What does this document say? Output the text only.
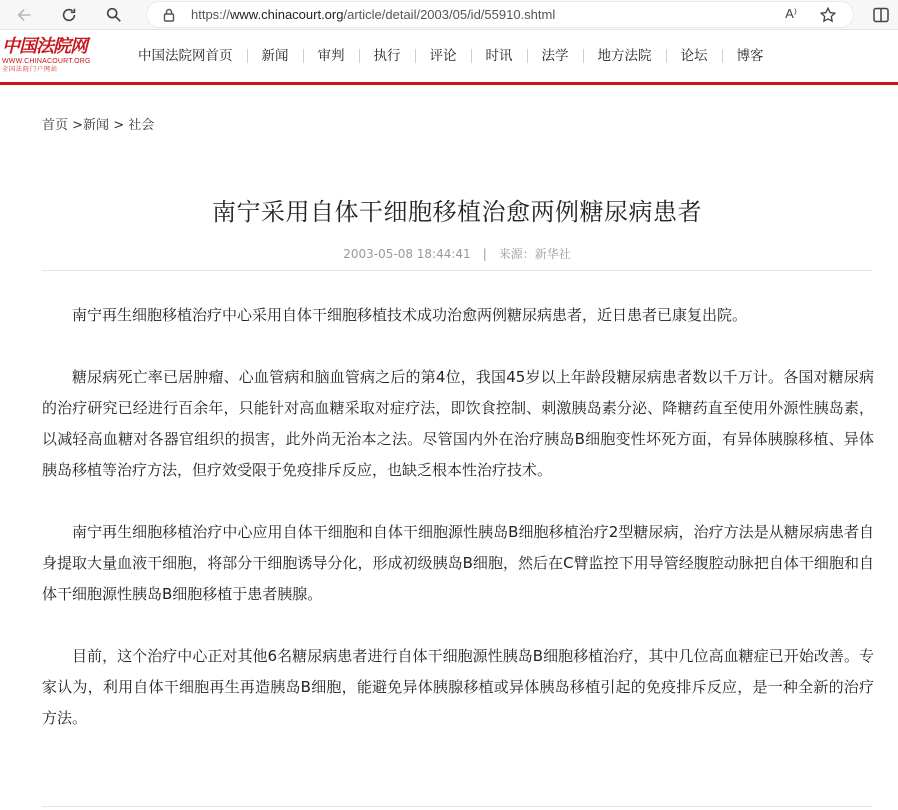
https://www.chinacourt.org/article/detail/2003/05/id/55910.shtml	A⁾
中国法院网
WWW.CHINACOURT.ORG
全国法院门户网站
中国法院网首页	新闻	审判	执行	评论	时讯	法学	地方法院	论坛	博客
首页 >新闻 > 社会
南宁采用自体干细胞移植治愈两例糖尿病患者
2003-05-08 18:44:41 | 来源：新华社

南宁再生细胞移植治疗中心采用自体干细胞移植技术成功治愈两例糖尿病患者，近日患者已康复出院。

糖尿病死亡率已居肿瘤、心血管病和脑血管病之后的第4位，我国45岁以上年龄段糖尿病患者数以千万计。各国对糖尿病的治疗研究已经进行百余年，只能针对高血糖采取对症疗法，即饮食控制、刺激胰岛素分泌、降糖药直至使用外源性胰岛素，以减轻高血糖对各器官组织的损害，此外尚无治本之法。尽管国内外在治疗胰岛B细胞变性坏死方面，有异体胰腺移植、异体胰岛移植等治疗方法，但疗效受限于免疫排斥反应，也缺乏根本性治疗技术。

南宁再生细胞移植治疗中心应用自体干细胞和自体干细胞源性胰岛B细胞移植治疗2型糖尿病，治疗方法是从糖尿病患者自身提取大量血液干细胞，将部分干细胞诱导分化，形成初级胰岛B细胞，然后在C臂监控下用导管经腹腔动脉把自体干细胞和自体干细胞源性胰岛B细胞移植于患者胰腺。

目前，这个治疗中心正对其他6名糖尿病患者进行自体干细胞源性胰岛B细胞移植治疗，其中几位高血糖症已开始改善。专家认为，利用自体干细胞再生再造胰岛B细胞，能避免异体胰腺移植或异体胰岛移植引起的免疫排斥反应，是一种全新的治疗方法。
